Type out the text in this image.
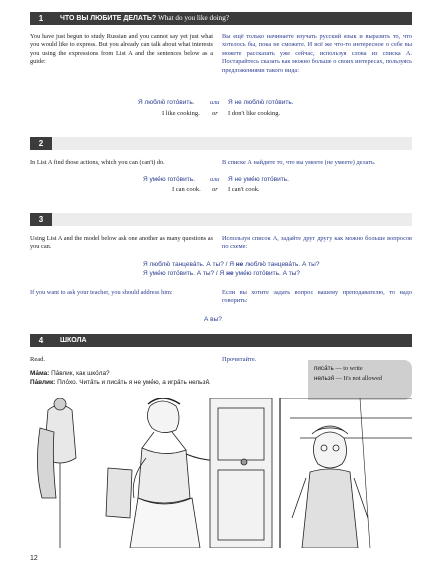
1	ЧТО ВЫ ЛЮБИТЕ ДЕЛАТЬ? What do you like doing?
You have just begun to study Russian and you cannot say yet just what you would like to express. But you already can talk about what interests you using the expressions from List A and the sentences below as a guide:
Вы ещё только начинаете изучать русский язык и выразить то, что хотелось бы, пока не сможете. И всё же что-то интересное о себе вы можете рассказать уже сейчас, используя слова из списка А. Постарайтесь сказать как можно больше о своих интересах, пользуясь предложениями такого вида:
Я люблю́ гото́вить. или Я не люблю́ гото́вить.
I like cooking. or I don't like cooking.
2
In List A find those actions, which you can (can't) do.	В списке А найдите то, что вы умеете (не умеете) делать.
Я уме́ю гото́вить. или Я не уме́ю гото́вить.
I can cook. or I can't cook.
3
Using List A and the model below ask one another as many questions as you can.
Используя список А, задайте друг другу как можно больше вопросов по схеме:
Я люблю́ танцева́ть. А ты? / Я не люблю́ танцева́ть. А ты?
Я уме́ю гото́вить. А ты? / Я не уме́ю гото́вить. А ты?
If you want to ask your teacher, you should address him:	Если вы хотите задать вопрос вашему преподавателю, то надо говорить:
А вы?
4	ШКОЛА
Read.	Прочитайте.
Ма́ма: Па́влик, как шко́ла?
Па́влик: Пло́хо. Чита́ть и писа́ть я не уме́ю, а игра́ть нельзя́.
писа́ть — to write
нельзя́ — It's not allowed
12
